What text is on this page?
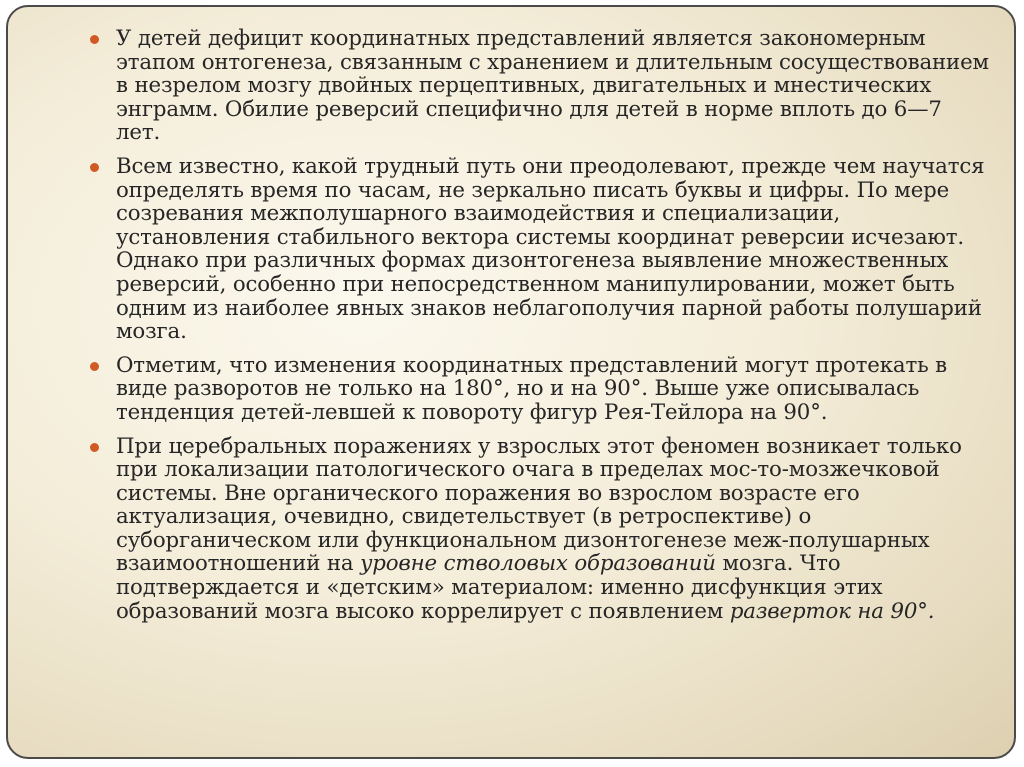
У детей дефицит координатных представлений является закономерным этапом онтогенеза, связанным с хранением и длительным сосуществованием в незрелом мозгу двойных перцептивных, двигательных и мнестических энграмм. Обилие реверсий специфично для детей в норме вплоть до 6—7 лет.
Всем известно, какой трудный путь они преодолевают, прежде чем научатся определять время по часам, не зеркально писать буквы и цифры. По мере созревания межполушарного взаимодействия и специализации, установления стабильного вектора системы координат реверсии исчезают. Однако при различных формах дизонтогенеза выявление множественных реверсий, особенно при непосредственном манипулировании, может быть одним из наиболее явных знаков неблагополучия парной работы полушарий мозга.
Отметим, что изменения координатных представлений могут протекать в виде разворотов не только на 180°, но и на 90°. Выше уже описывалась тенденция детей-левшей к повороту фигур Рея-Тейлора на 90°.
При церебральных поражениях у взрослых этот феномен возникает только при локализации патологического очага в пределах мос-то-мозжечковой системы. Вне органического поражения во взрослом возрасте его актуализация, очевидно, свидетельствует (в ретроспективе) о суборганическом или функциональном дизонтогенезе меж-полушарных взаимоотношений на уровне стволовых образований мозга. Что подтверждается и «детским» материалом: именно дисфункция этих образований мозга высоко коррелирует с появлением разверток на 90°.
